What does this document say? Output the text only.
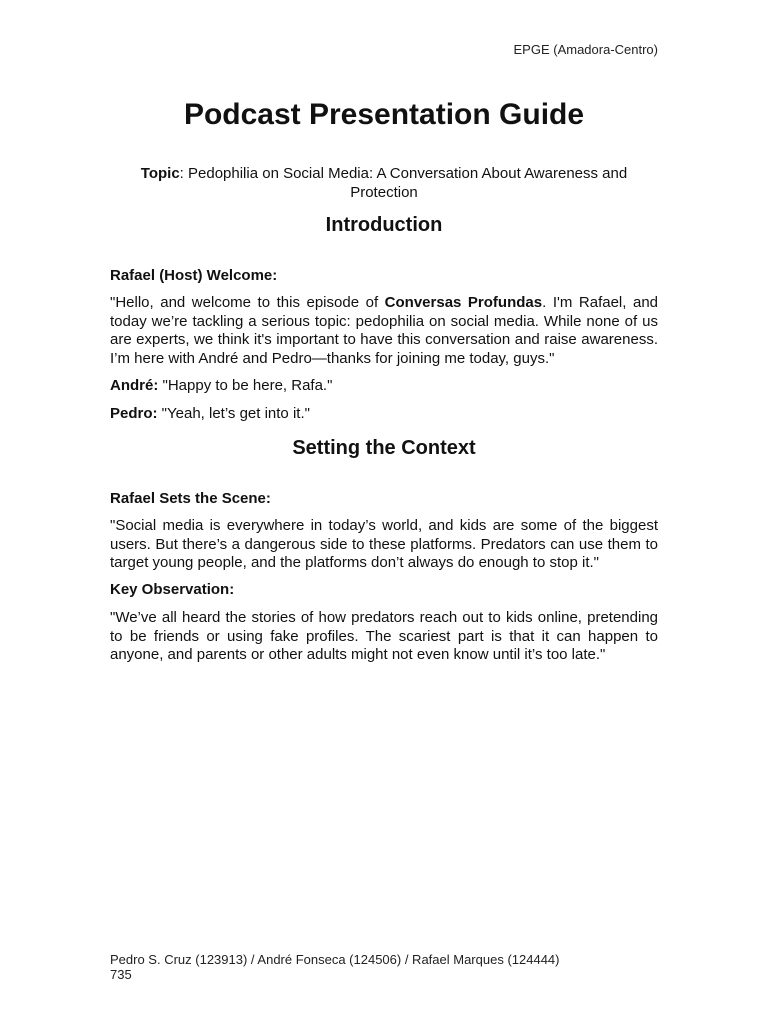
EPGE (Amadora-Centro)
Podcast Presentation Guide
Topic: Pedophilia on Social Media: A Conversation About Awareness and Protection
Introduction
Rafael (Host) Welcome:
"Hello, and welcome to this episode of Conversas Profundas. I'm Rafael, and today we’re tackling a serious topic: pedophilia on social media. While none of us are experts, we think it's important to have this conversation and raise awareness. I’m here with André and Pedro—thanks for joining me today, guys."
André: "Happy to be here, Rafa."
Pedro: "Yeah, let’s get into it."
Setting the Context
Rafael Sets the Scene:
"Social media is everywhere in today’s world, and kids are some of the biggest users. But there’s a dangerous side to these platforms. Predators can use them to target young people, and the platforms don’t always do enough to stop it."
Key Observation:
"We’ve all heard the stories of how predators reach out to kids online, pretending to be friends or using fake profiles. The scariest part is that it can happen to anyone, and parents or other adults might not even know until it’s too late."
Pedro S. Cruz (123913) / André Fonseca (124506) / Rafael Marques (124444)
735
